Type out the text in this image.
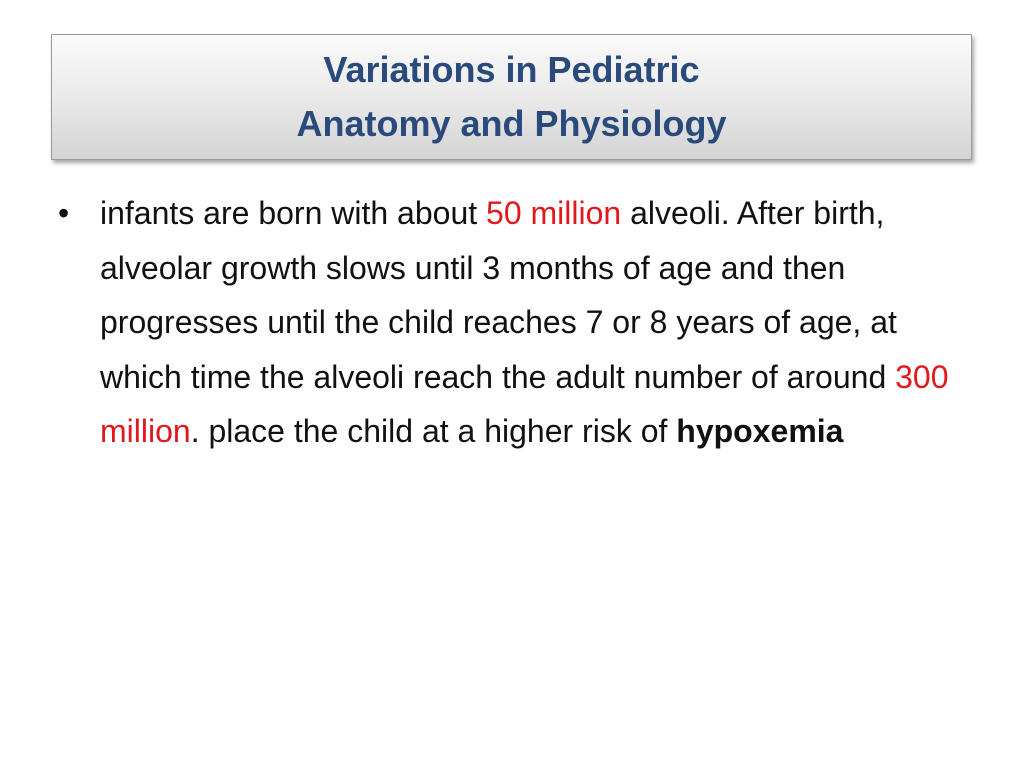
Variations in Pediatric
Anatomy and Physiology
• infants are born with about 50 million alveoli. After birth, alveolar growth slows until 3 months of age and then progresses until the child reaches 7 or 8 years of age, at which time the alveoli reach the adult number of around 300 million. place the child at a higher risk of hypoxemia
